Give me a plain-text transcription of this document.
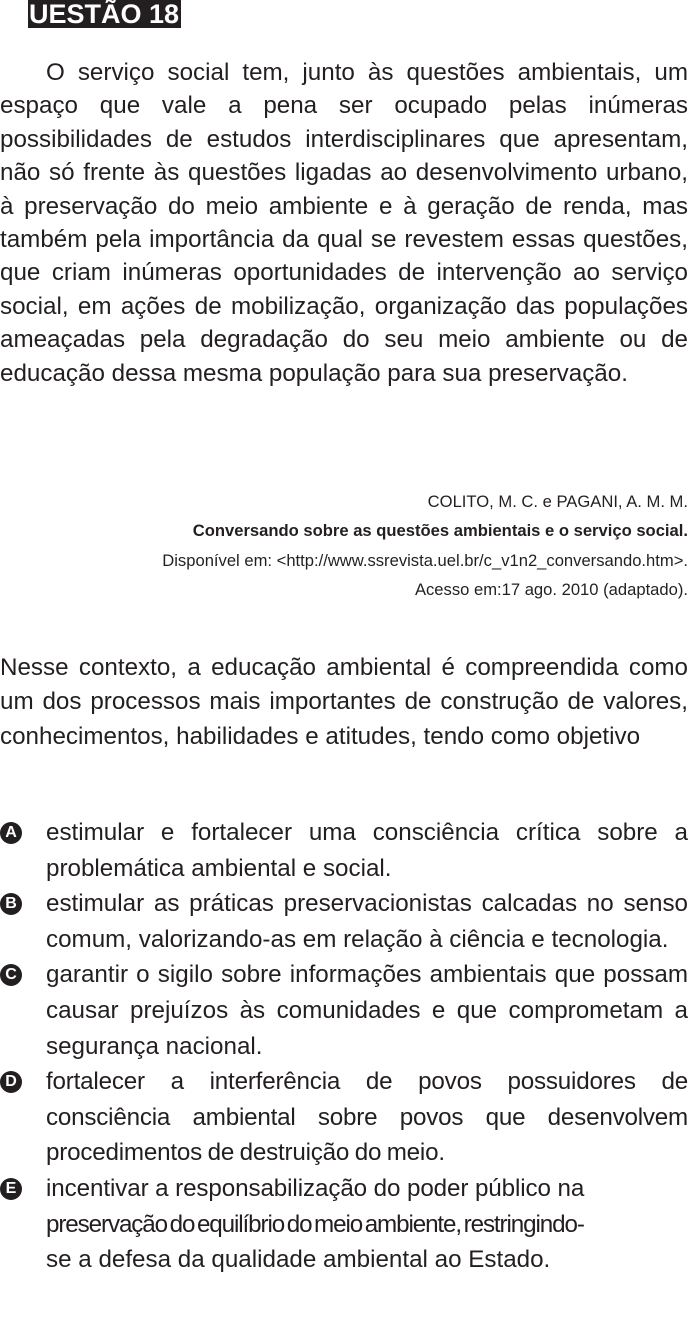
UESTÃO 18

O serviço social tem, junto às questões ambientais, um espaço que vale a pena ser ocupado pelas inúmeras possibilidades de estudos interdisciplinares que apresentam, não só frente às questões ligadas ao desenvolvimento urbano, à preservação do meio ambiente e à geração de renda, mas também pela importância da qual se revestem essas questões, que criam inúmeras oportunidades de intervenção ao serviço social, em ações de mobilização, organização das populações ameaçadas pela degradação do seu meio ambiente ou de educação dessa mesma população para sua preservação.

COLITO, M. C. e PAGANI, A. M. M.
Conversando sobre as questões ambientais e o serviço social.
Disponível em: <http://www.ssrevista.uel.br/c_v1n2_conversando.htm>.
Acesso em:17 ago. 2010 (adaptado).

Nesse contexto, a educação ambiental é compreendida como um dos processos mais importantes de construção de valores, conhecimentos, habilidades e atitudes, tendo como objetivo

A estimular e fortalecer uma consciência crítica sobre a problemática ambiental e social.
B estimular as práticas preservacionistas calcadas no senso comum, valorizando-as em relação à ciência e tecnologia.
C garantir o sigilo sobre informações ambientais que possam causar prejuízos às comunidades e que comprometam a segurança nacional.
D fortalecer a interferência de povos possuidores de consciência ambiental sobre povos que desenvolvem procedimentos de destruição do meio.
E incentivar a responsabilização do poder público na
preservação do equilíbrio do meio ambiente, restringindo-
se a defesa da qualidade ambiental ao Estado.
